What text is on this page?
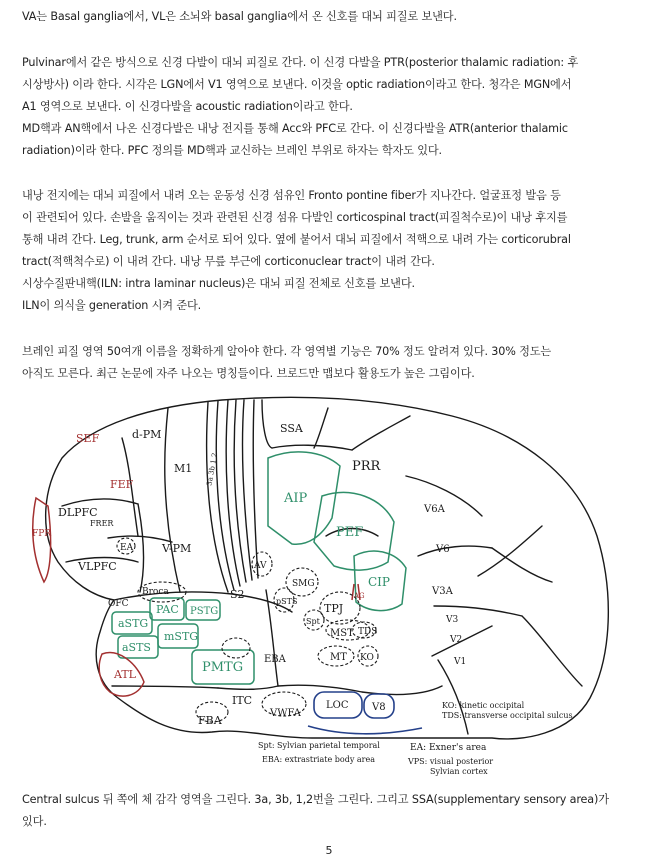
VA는 Basal ganglia에서, VL은 소뇌와 basal ganglia에서 온 신호를 대뇌 피질로 보낸다.
Pulvinar에서 같은 방식으로 신경 다발이 대뇌 피질로 간다. 이 신경 다발을 PTR(posterior thalamic radiation: 후
시상방사) 이라 한다. 시각은 LGN에서 V1 영역으로 보낸다. 이것을 optic radiation이라고 한다. 청각은 MGN에서
A1 영역으로 보낸다. 이 신경다발을 acoustic radiation이라고 한다.
MD핵과 AN핵에서 나온 신경다발은 내낭 전지를 통해 Acc와 PFC로 간다. 이 신경다발을 ATR(anterior thalamic
radiation)이라 한다. PFC 정의를 MD핵과 교신하는 브레인 부위로 하자는 학자도 있다.
내낭 전지에는 대뇌 피질에서 내려 오는 운동성 신경 섬유인 Fronto pontine fiber가 지나간다. 얼굴표정 발음 등
이 관련되어 있다. 손발을 움직이는 것과 관련된 신경 섬유 다발인 corticospinal tract(피질척수로)이 내낭 후지를
통해 내려 간다. Leg, trunk, arm 순서로 되어 있다. 옆에 붙어서 대뇌 피질에서 적핵으로 내려 가는 corticorubral
tract(적핵척수로) 이 내려 간다. 내낭 무릎 부근에 corticonuclear tract이 내려 간다.
시상수질판내핵(ILN: intra laminar nucleus)은 대뇌 피질 전체로 신호를 보낸다.
ILN이 의식을 generation 시켜 준다.
브레인 피질 영역 50여개 이름을 정확하게 알아야 한다. 각 영역별 기능은 70% 정도 알려져 있다. 30% 정도는
아직도 모른다. 최근 논문에 자주 나오는 명칭들이다. 브로드만 맵보다 활용도가 높은 그림이다.
SEF	d-PM
M1
SSA
PRR
FEF
DLPFC
FPR
FRER
EA	V-PM
VLPFC
OFC
Broca	S2
PAC PSTG
aSTG
aSTS
mSTG
PMTG
ATL
ITC
FBA
VWFA
LOC V8
EBA	MT
MST
KO
TDS
TPJ
Spt
SMG
pSTS
AV
AG
AIP
PEF
CIP
V6A
V6
V3A
V3
V2
V1
3a 3b 1 2
KO: kinetic occipital
TDS: transverse occipital sulcus
Spt: Sylvian parietal temporal
EBA: extrastriate body area
EA: Exner's area
VPS: visual posterior
Sylvian cortex
Central sulcus 뒤 쪽에 체 감각 영역을 그린다. 3a, 3b, 1,2번을 그린다. 그리고 SSA(supplementary sensory area)가
있다.
5
